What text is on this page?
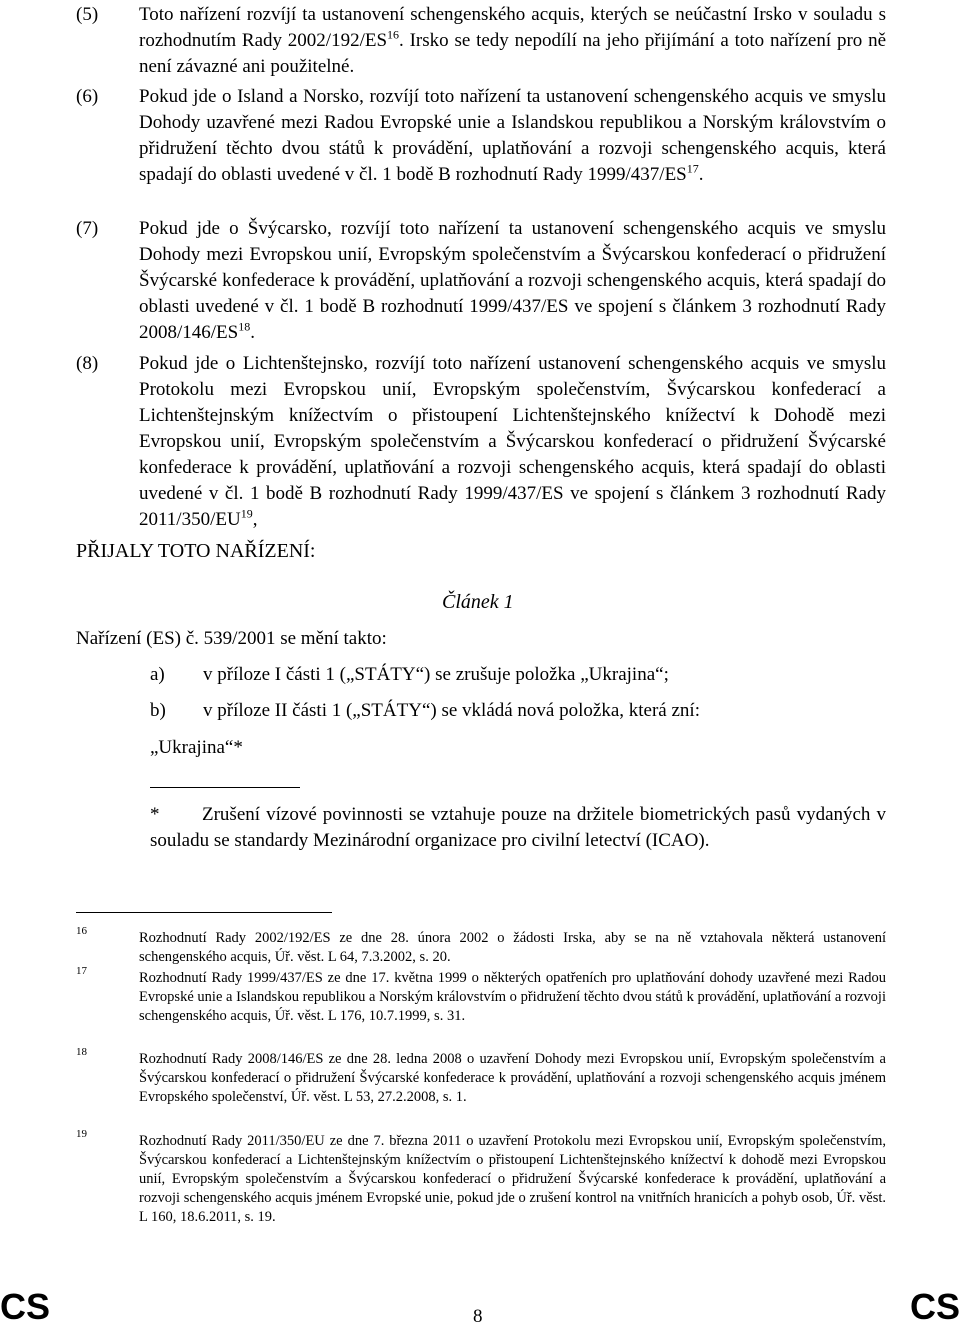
(5)	Toto nařízení rozvíjí ta ustanovení schengenského acquis, kterých se neúčastní Irsko v souladu s rozhodnutím Rady 2002/192/ES$^{16}$. Irsko se tedy nepodílí na jeho přijímání a toto nařízení pro ně není závazné ani použitelné.
(6)	Pokud jde o Island a Norsko, rozvíjí toto nařízení ta ustanovení schengenského acquis ve smyslu Dohody uzavřené mezi Radou Evropské unie a Islandskou republikou a Norským královstvím o přidružení těchto dvou států k provádění, uplatňování a rozvoji schengenského acquis, která spadají do oblasti uvedené v čl. 1 bodě B rozhodnutí Rady 1999/437/ES$^{17}$.
(7)	Pokud jde o Švýcarsko, rozvíjí toto nařízení ta ustanovení schengenského acquis ve smyslu Dohody mezi Evropskou unií, Evropským společenstvím a Švýcarskou konfederací o přidružení Švýcarské konfederace k provádění, uplatňování a rozvoji schengenského acquis, která spadají do oblasti uvedené v čl. 1 bodě B rozhodnutí 1999/437/ES ve spojení s článkem 3 rozhodnutí Rady 2008/146/ES$^{18}$.
(8)	Pokud jde o Lichtenštejnsko, rozvíjí toto nařízení ustanovení schengenského acquis ve smyslu Protokolu mezi Evropskou unií, Evropským společenstvím, Švýcarskou konfederací a Lichtenštejnským knížectvím o přistoupení Lichtenštejnského knížectví k Dohodě mezi Evropskou unií, Evropským společenstvím a Švýcarskou konfederací o přidružení Švýcarské konfederace k provádění, uplatňování a rozvoji schengenského acquis, která spadají do oblasti uvedené v čl. 1 bodě B rozhodnutí Rady 1999/437/ES ve spojení s článkem 3 rozhodnutí Rady 2011/350/EU$^{19}$,
PŘIJALY TOTO NAŘÍZENÍ:
Článek 1
Nařízení (ES) č. 539/2001 se mění takto:
a) v příloze I části 1 („STÁTY“) se zrušuje položka „Ukrajina“;
b) v příloze II části 1 („STÁTY“) se vkládá nová položka, která zní:
„Ukrajina“*
* Zrušení vízové povinnosti se vztahuje pouze na držitele biometrických pasů vydaných v souladu se standardy Mezinárodní organizace pro civilní letectví (ICAO).
16	Rozhodnutí Rady 2002/192/ES ze dne 28. února 2002 o žádosti Irska, aby se na ně vztahovala některá ustanovení schengenského acquis, Úř. věst. L 64, 7.3.2002, s. 20.
17	Rozhodnutí Rady 1999/437/ES ze dne 17. května 1999 o některých opatřeních pro uplatňování dohody uzavřené mezi Radou Evropské unie a Islandskou republikou a Norským královstvím o přidružení těchto dvou států k provádění, uplatňování a rozvoji schengenského acquis, Úř. věst. L 176, 10.7.1999, s. 31.
18	Rozhodnutí Rady 2008/146/ES ze dne 28. ledna 2008 o uzavření Dohody mezi Evropskou unií, Evropským společenstvím a Švýcarskou konfederací o přidružení Švýcarské konfederace k provádění, uplatňování a rozvoji schengenského acquis jménem Evropského společenství, Úř. věst. L 53, 27.2.2008, s. 1.
19	Rozhodnutí Rady 2011/350/EU ze dne 7. března 2011 o uzavření Protokolu mezi Evropskou unií, Evropským společenstvím, Švýcarskou konfederací a Lichtenštejnským knížectvím o přistoupení Lichtenštejnského knížectví k dohodě mezi Evropskou unií, Evropským společenstvím a Švýcarskou konfederací o přidružení Švýcarské konfederace k provádění, uplatňování a rozvoji schengenského acquis jménem Evropské unie, pokud jde o zrušení kontrol na vnitřních hranicích a pohyb osob, Úř. věst. L 160, 18.6.2011, s. 19.
CS	8	CS
